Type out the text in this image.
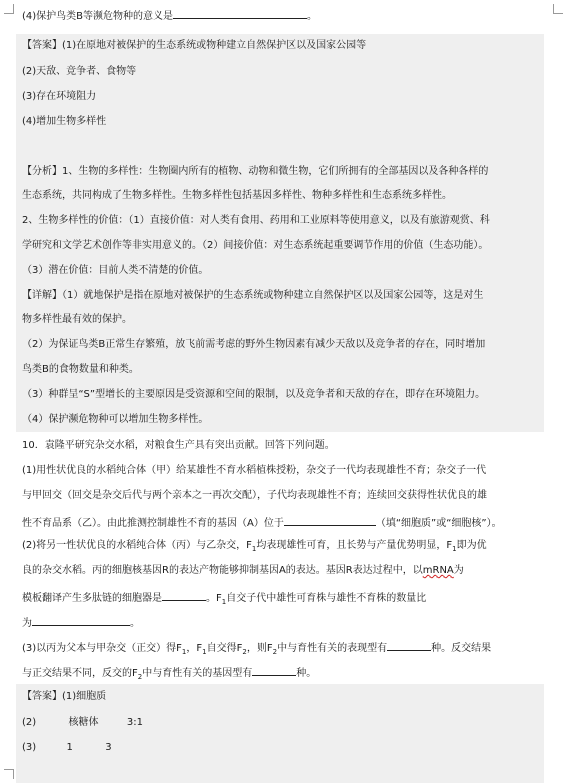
(4)保护鸟类B等濒危物种的意义是	。
【答案】(1)在原地对被保护的生态系统或物种建立自然保护区以及国家公园等
(2)天敌、竞争者、食物等
(3)存在环境阻力
(4)增加生物多样性
【分析】1、生物的多样性：生物圈内所有的植物、动物和微生物，它们所拥有的全部基因以及各种各样的
生态系统，共同构成了生物多样性。生物多样性包括基因多样性、物种多样性和生态系统多样性。
2、生物多样性的价值：（1）直接价值：对人类有食用、药用和工业原料等使用意义，以及有旅游观赏、科
学研究和文学艺术创作等非实用意义的。（2）间接价值：对生态系统起重要调节作用的价值（生态功能）。
（3）潜在价值：目前人类不清楚的价值。
【详解】（1）就地保护是指在原地对被保护的生态系统或物种建立自然保护区以及国家公园等，这是对生
物多样性最有效的保护。
（2）为保证鸟类B正常生存繁殖，放飞前需考虑的野外生物因素有减少天敌以及竞争者的存在，同时增加
鸟类B的食物数量和种类。
（3）种群呈“S”型增长的主要原因是受资源和空间的限制，以及竞争者和天敌的存在，即存在环境阻力。
（4）保护濒危物种可以增加生物多样性。
10．袁隆平研究杂交水稻，对粮食生产具有突出贡献。回答下列问题。
(1)用性状优良的水稻纯合体（甲）给某雄性不育水稻植株授粉，杂交子一代均表现雄性不育；杂交子一代
与甲回交（回交是杂交后代与两个亲本之一再次交配），子代均表现雄性不育；连续回交获得性状优良的雄
性不育品系（乙）。由此推测控制雄性不育的基因（A）位于	（填“细胞质”或“细胞核”）。
(2)将另一性状优良的水稻纯合体（丙）与乙杂交，$F_1$均表现雄性可育，且长势与产量优势明显，$F_1$即为优
良的杂交水稻。丙的细胞核基因R的表达产物能够抑制基因A的表达。基因R表达过程中，以mRNA为
模板翻译产生多肽链的细胞器是	。$F_1$自交子代中雄性可育株与雄性不育株的数量比
为	。
(3)以丙为父本与甲杂交（正交）得$F_1$，$F_1$自交得$F_2$，则$F_2$中与育性有关的表现型有	种。反交结果
与正交结果不同，反交的$F_2$中与育性有关的基因型有	种。
【答案】(1)细胞质
(2)	核糖体	3:1
(3)	1	3
